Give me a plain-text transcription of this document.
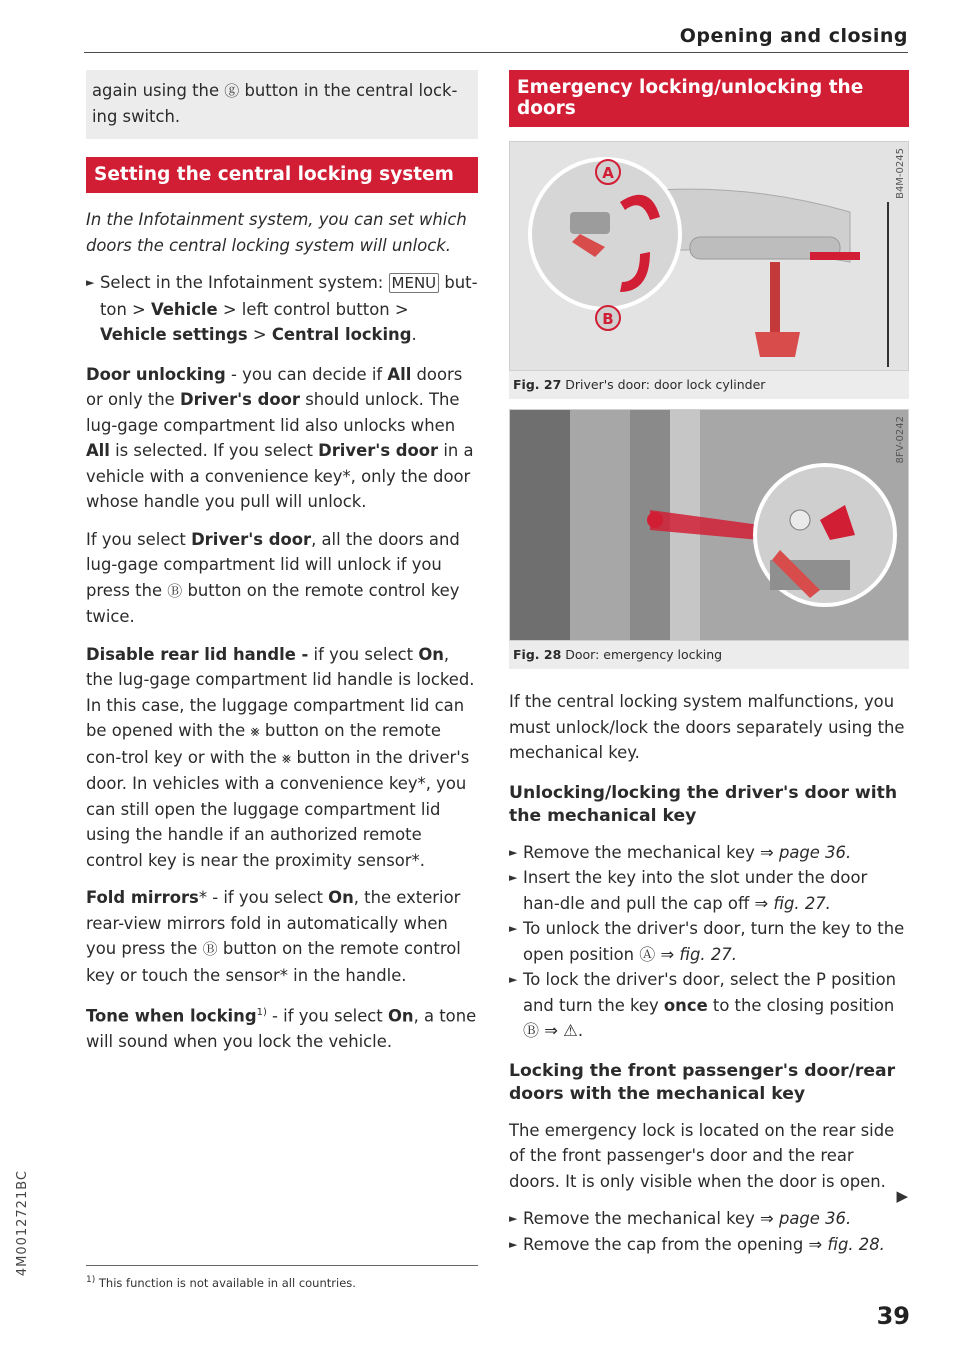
Opening and closing
again using the ⓖ button in the central lock-ing switch.
Setting the central locking system

In the Infotainment system, you can set which doors the central locking system will unlock.

► Select in the Infotainment system: MENU but-ton > Vehicle > left control button > Vehicle settings > Central locking.

Door unlocking - you can decide if All doors or only the Driver's door should unlock. The lug-gage compartment lid also unlocks when All is selected. If you select Driver's door in a vehicle with a convenience key*, only the door whose handle you pull will unlock.

If you select Driver's door, all the doors and lug-gage compartment lid will unlock if you press the Ⓑ button on the remote control key twice.

Disable rear lid handle - if you select On, the lug-gage compartment lid handle is locked. In this case, the luggage compartment lid can be opened with the ⨳ button on the remote con-trol key or with the ⨳ button in the driver's door. In vehicles with a convenience key*, you can still open the luggage compartment lid using the handle if an authorized remote control key is near the proximity sensor*.

Fold mirrors* - if you select On, the exterior rear-view mirrors fold in automatically when you press the Ⓑ button on the remote control key or touch the sensor* in the handle.

Tone when locking$^{1)}$ - if you select On, a tone will sound when you lock the vehicle.

$^{1)}$ This function is not available in all countries.
Emergency locking/unlocking the doors
A
B
B4M-0245
Fig. 27 Driver's door: door lock cylinder
8FV-0242
Fig. 28 Door: emergency locking

If the central locking system malfunctions, you must unlock/lock the doors separately using the mechanical key.

Unlocking/locking the driver's door with the mechanical key

► Remove the mechanical key ⇒ page 36.
► Insert the key into the slot under the door han-dle and pull the cap off ⇒ fig. 27.
► To unlock the driver's door, turn the key to the open position Ⓐ ⇒ fig. 27.
► To lock the driver's door, select the P position and turn the key once to the closing position Ⓑ ⇒ ⚠.

Locking the front passenger's door/rear doors with the mechanical key

The emergency lock is located on the rear side of the front passenger's door and the rear doors. It is only visible when the door is open.

► Remove the mechanical key ⇒ page 36.
► Remove the cap from the opening ⇒ fig. 28.
▶
4M0012721BC
39
